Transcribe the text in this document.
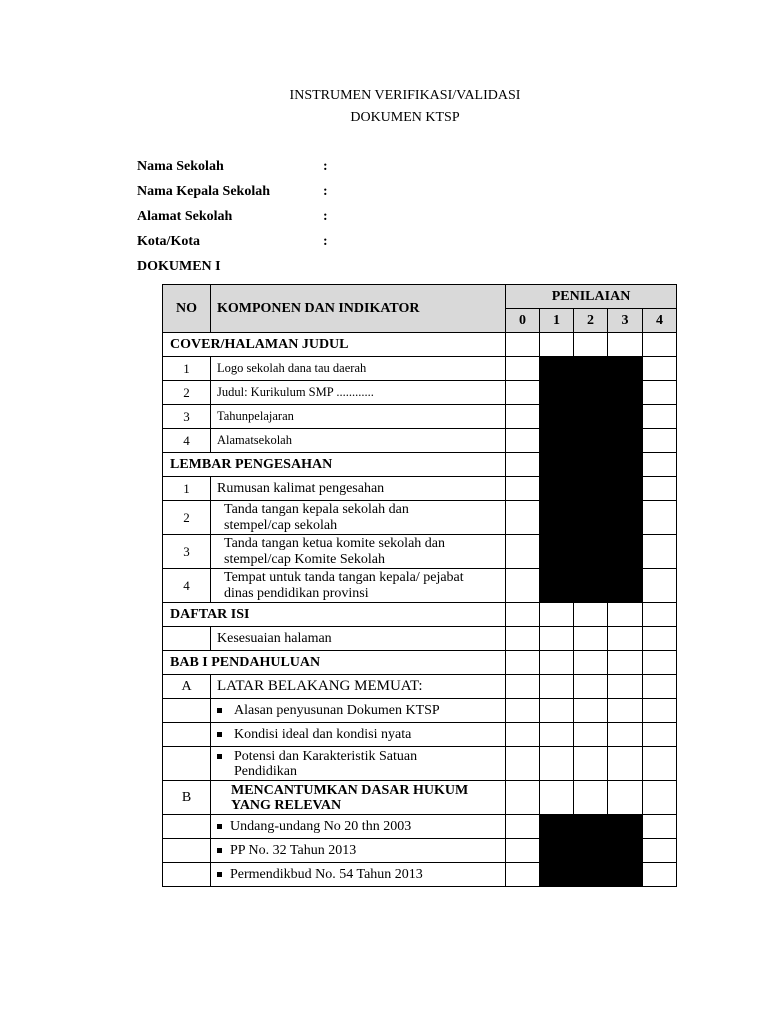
INSTRUMEN VERIFIKASI/VALIDASI
DOKUMEN KTSP
Nama Sekolah	:
Nama Kepala Sekolah	:
Alamat Sekolah	:
Kota/Kota	:
DOKUMEN I
NO	KOMPONEN DAN INDIKATOR	PENILAIAN				
		0	1	2	3	4
COVER/HALAMAN JUDUL						
1	Logo sekolah dana tau daerah					
2	Judul: Kurikulum SMP ............					
3	Tahunpelajaran					
4	Alamatsekolah					
LEMBAR PENGESAHAN						
1	Rumusan kalimat pengesahan					
2	Tanda tangan kepala sekolah dan
stempel/cap sekolah					

3	Tanda tangan ketua komite sekolah dan
stempel/cap Komite Sekolah					

4	Tempat untuk tanda tangan kepala/ pejabat
dinas pendidikan provinsi					

DAFTAR ISI						
	Kesesuaian halaman					
BAB I PENDAHULUAN						
A	LATAR BELAKANG MEMUAT:					

	Alasan penyusunan Dokumen KTSP					

	Kondisi ideal dan kondisi nyata					

	Potensi dan Karakteristik Satuan
Pendidikan					

B	MENCANTUMKAN DASAR HUKUM
YANG RELEVAN					

	Undang-undang No 20 thn 2003					

	PP No. 32 Tahun 2013					

	Permendikbud No. 54 Tahun 2013					
